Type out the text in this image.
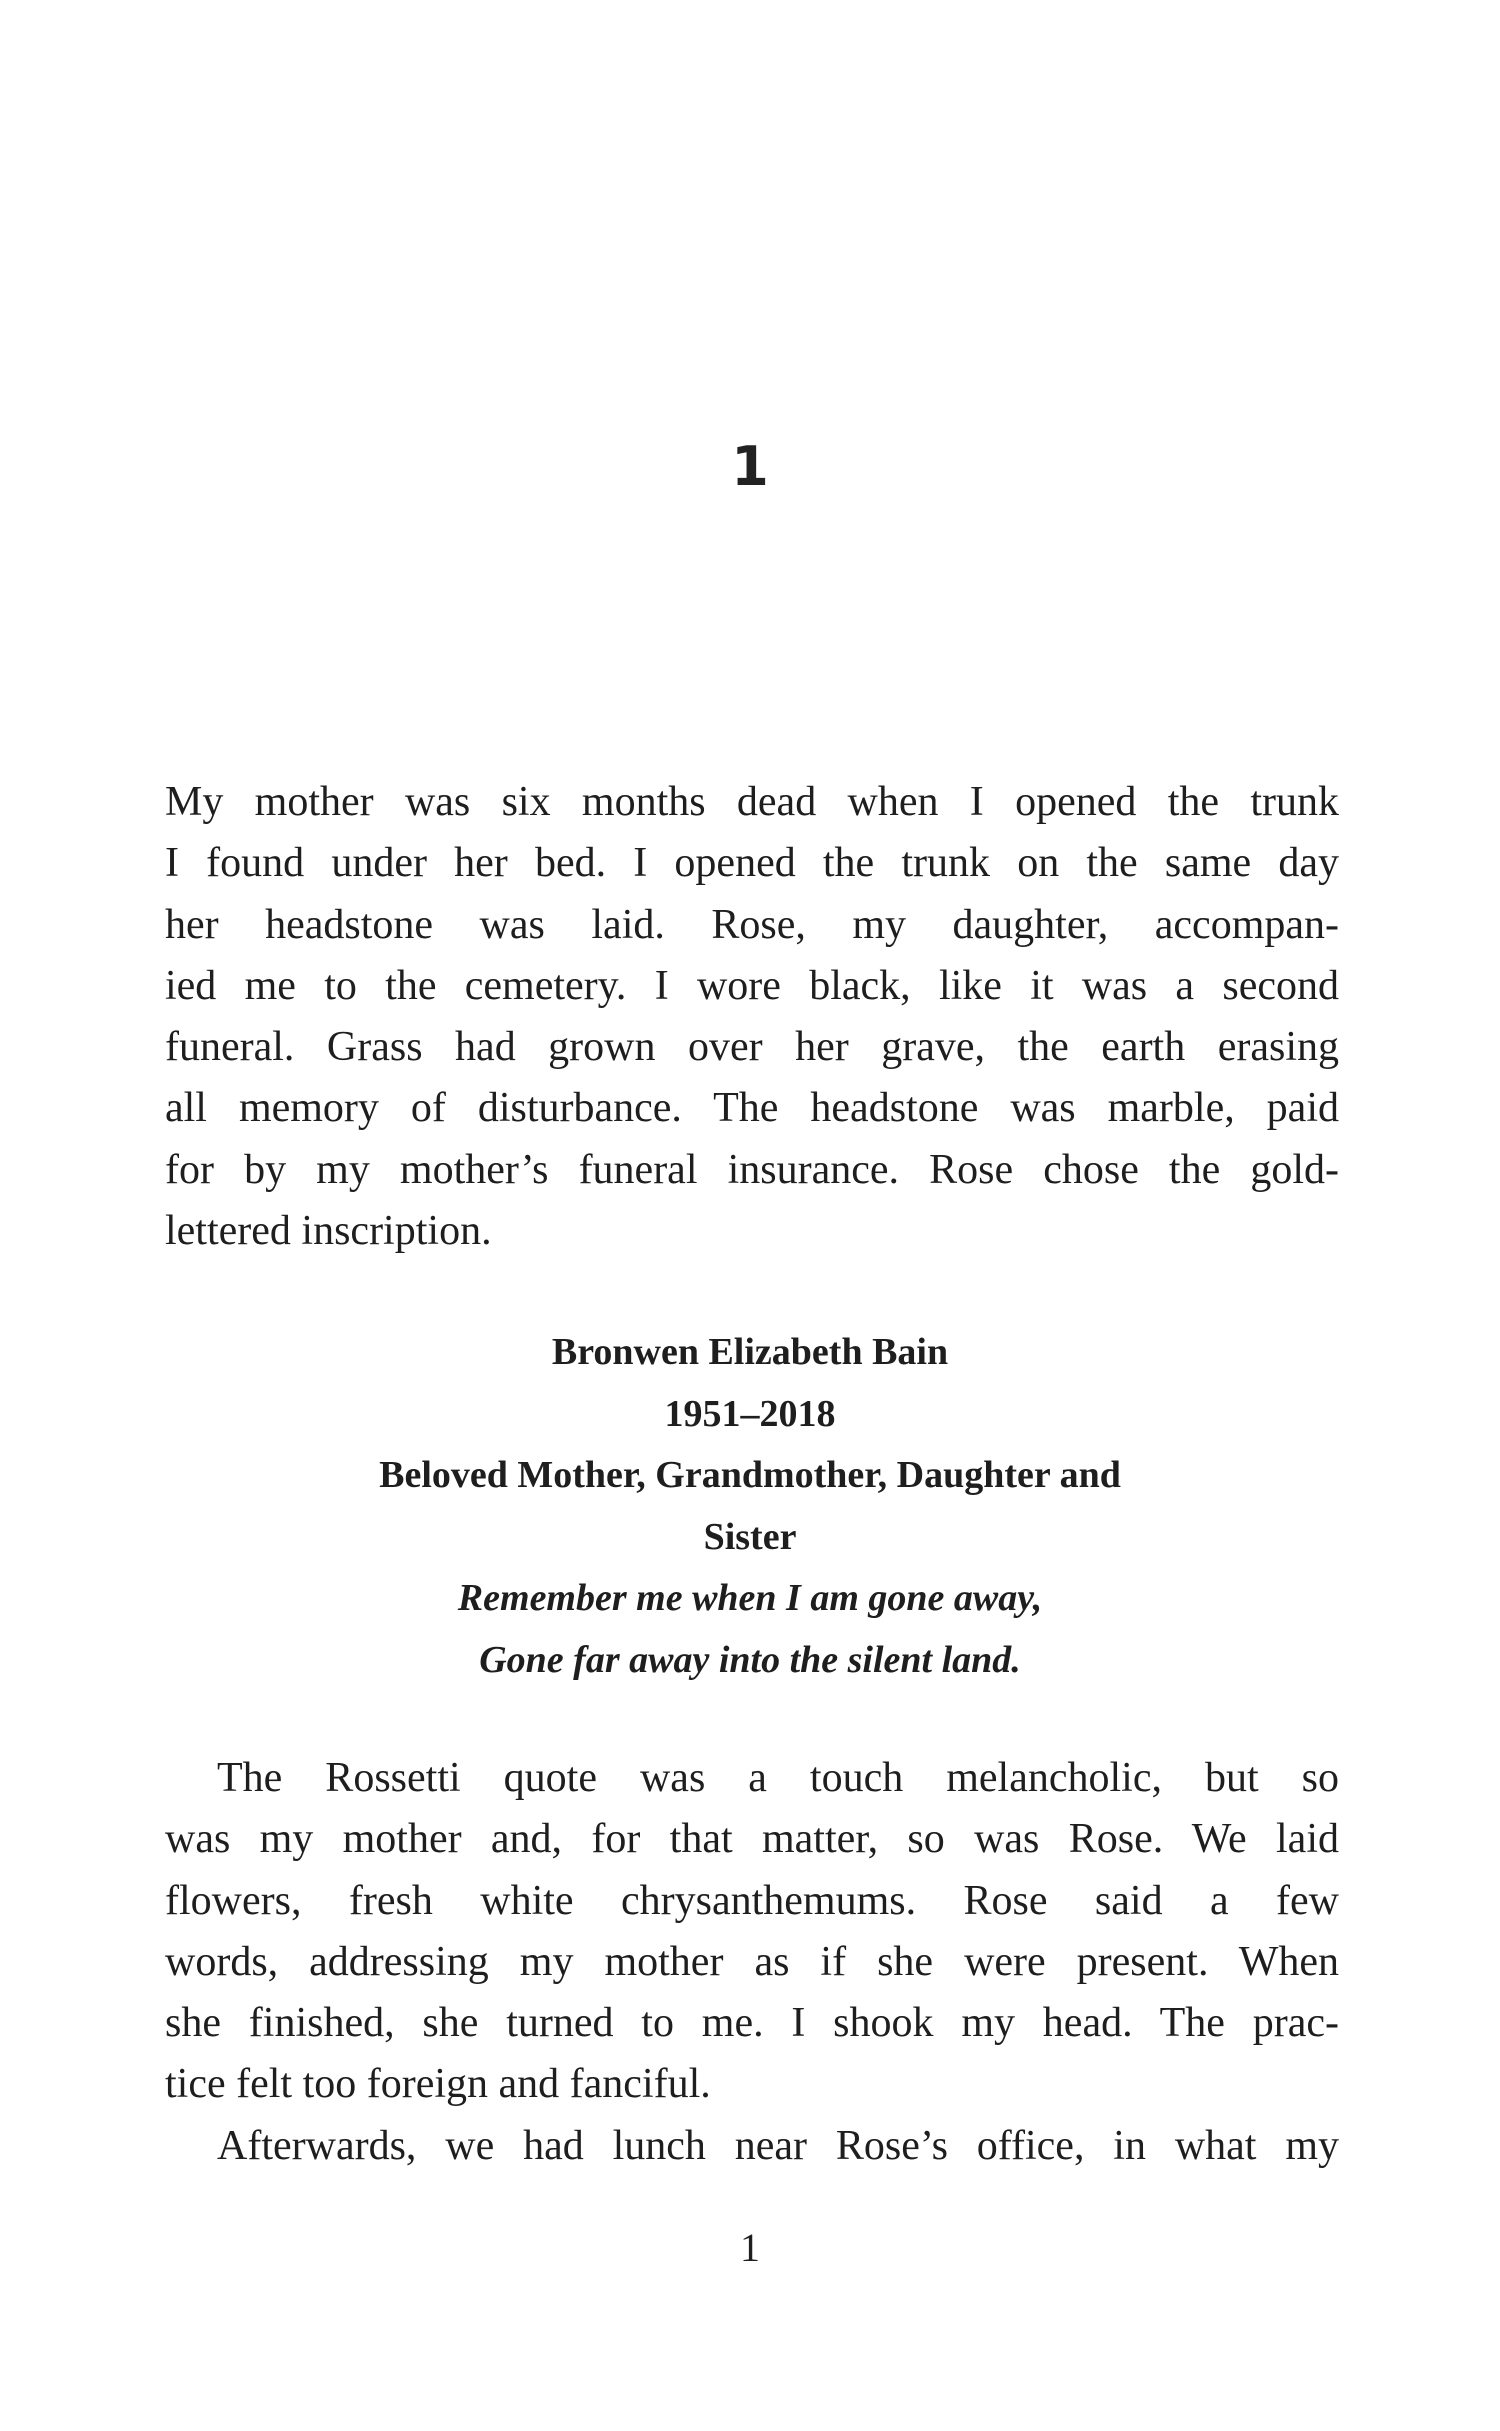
1
My mother was six months dead when I opened the trunk
I found under her bed. I opened the trunk on the same day
her headstone was laid. Rose, my daughter, accompan-
ied me to the cemetery. I wore black, like it was a second
funeral. Grass had grown over her grave, the earth erasing
all memory of disturbance. The headstone was marble, paid
for by my mother’s funeral insurance. Rose chose the gold-
lettered inscription.
Bronwen Elizabeth Bain
1951–2018
Beloved Mother, Grandmother, Daughter and
Sister
Remember me when I am gone away,
Gone far away into the silent land.
The Rossetti quote was a touch melancholic, but so
was my mother and, for that matter, so was Rose. We laid
flowers, fresh white chrysanthemums. Rose said a few
words, addressing my mother as if she were present. When
she finished, she turned to me. I shook my head. The prac-
tice felt too foreign and fanciful.
Afterwards, we had lunch near Rose’s office, in what my
1
